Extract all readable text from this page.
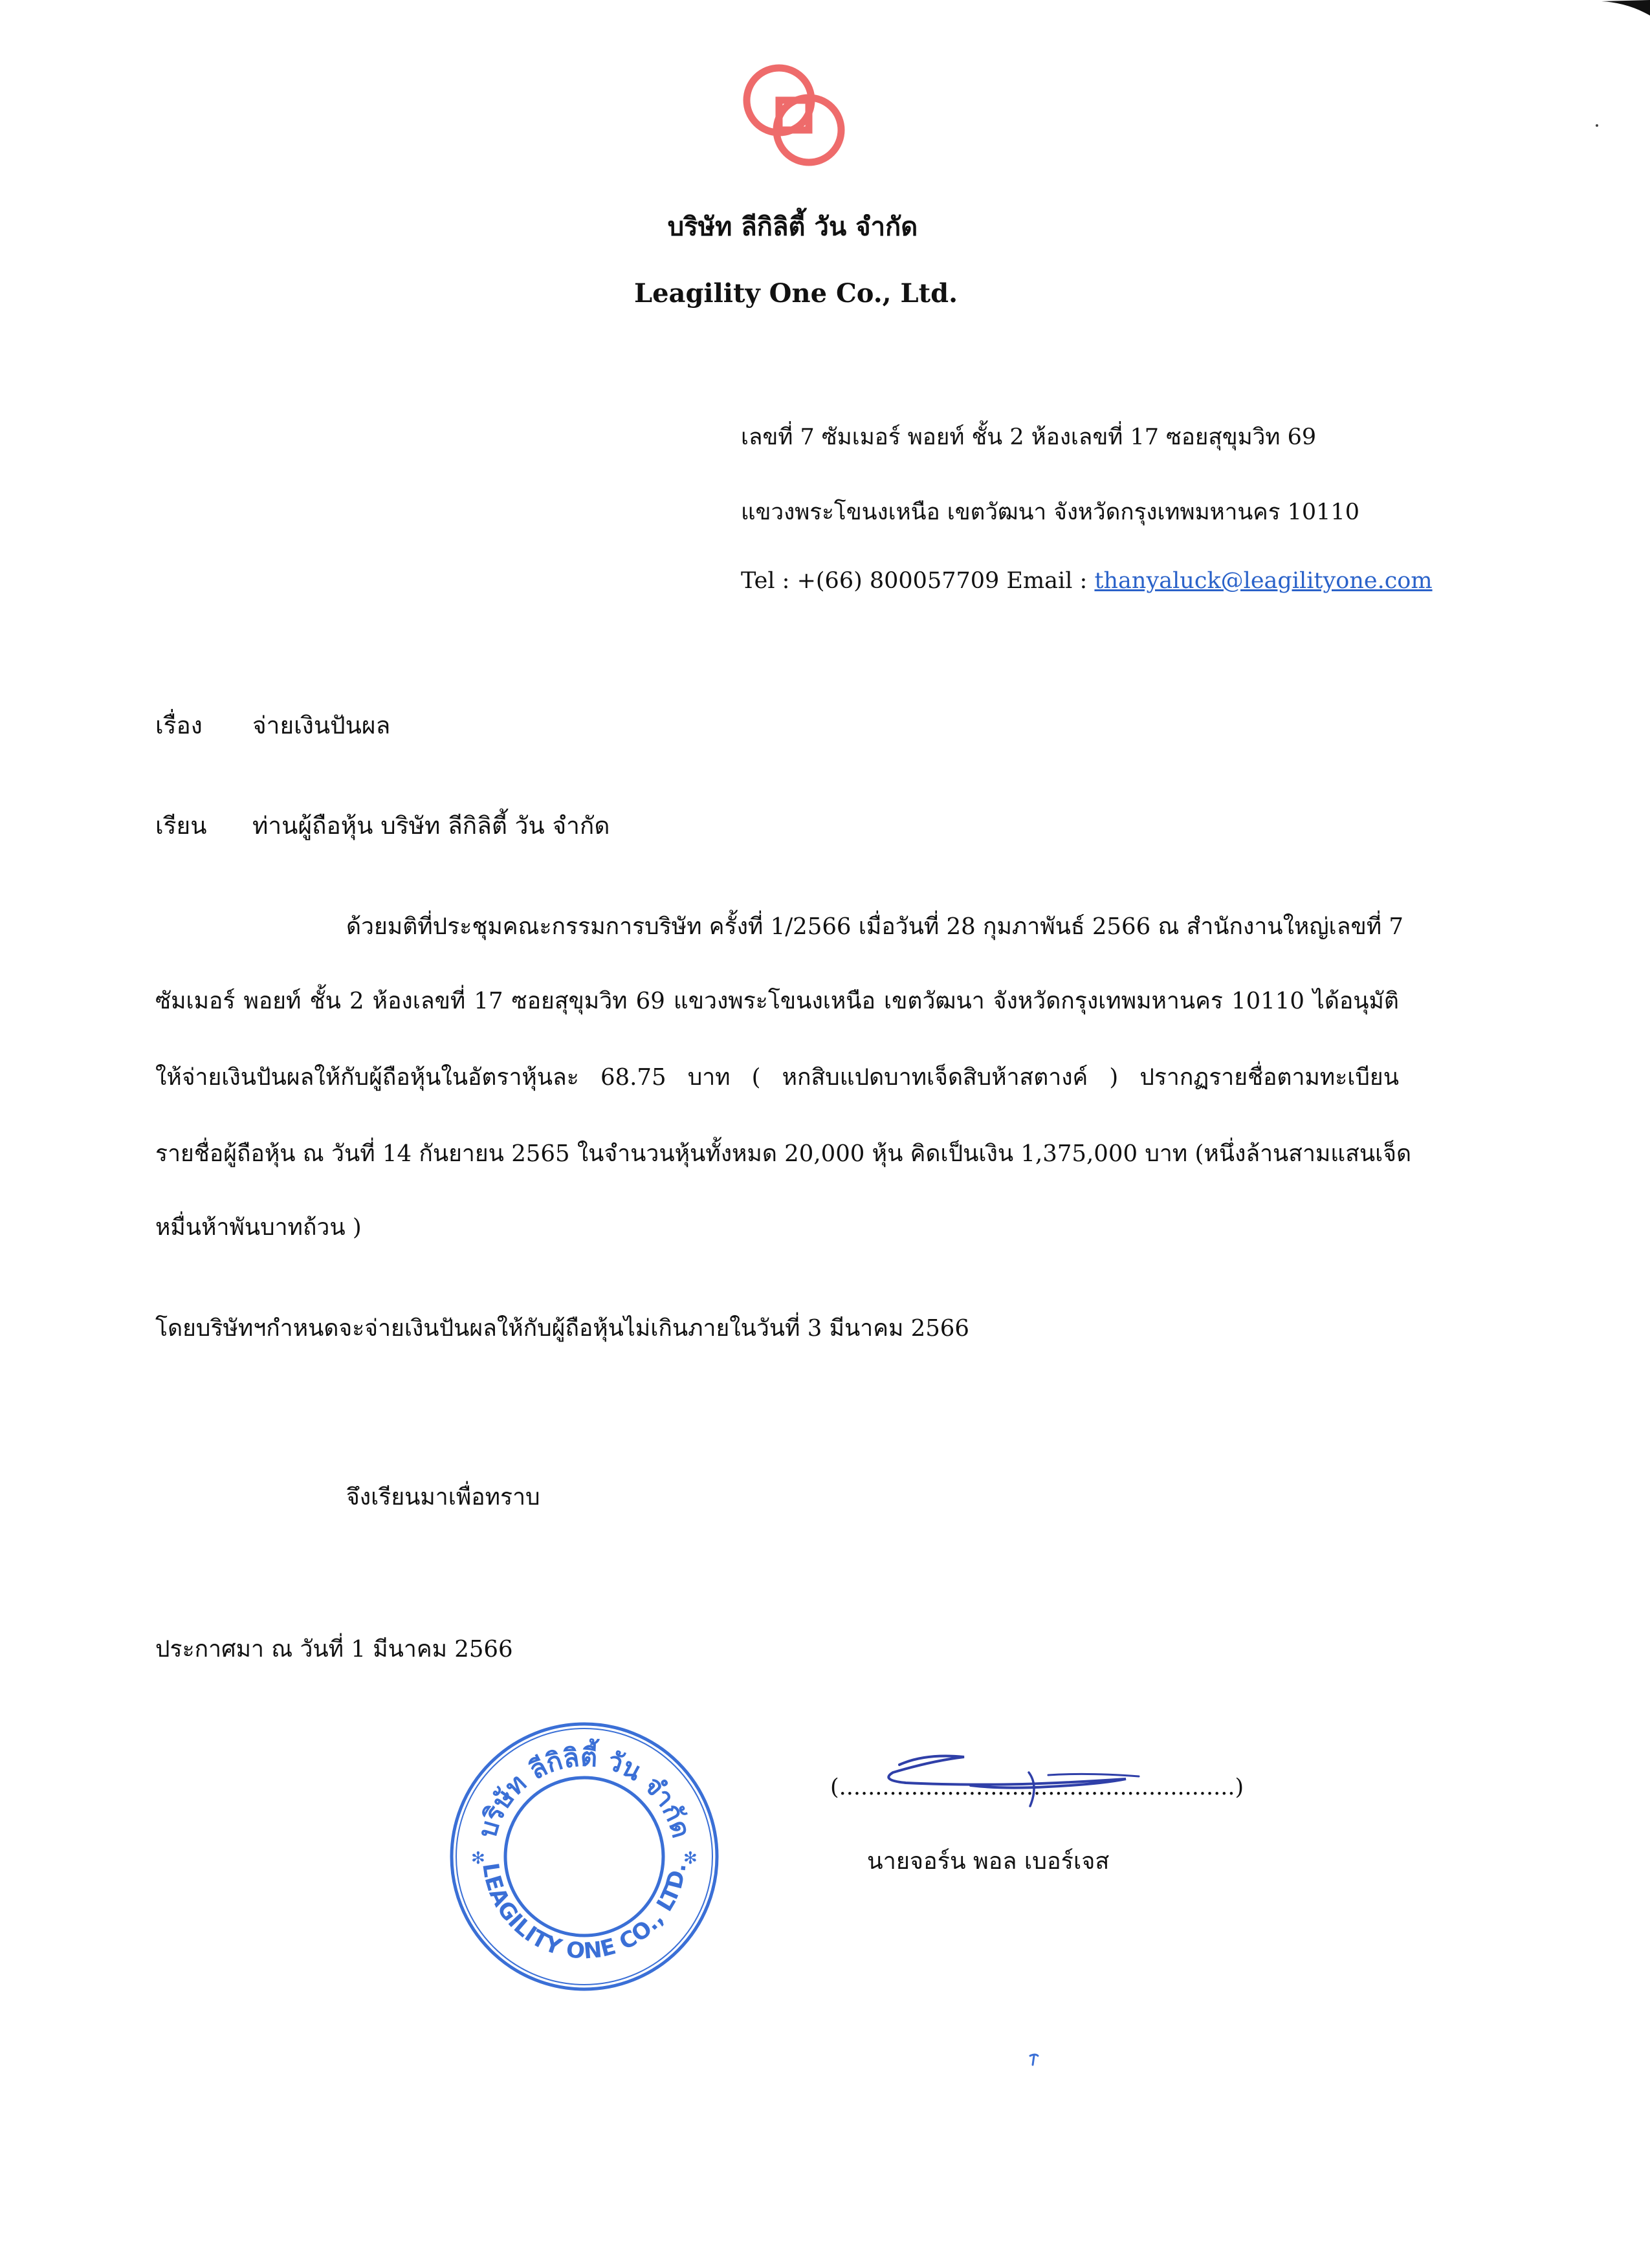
บริษัท ลีกิลิตี้ วัน จำกัด
Leagility One Co., Ltd.
เลขที่ 7 ซัมเมอร์ พอยท์ ชั้น 2 ห้องเลขที่ 17 ซอยสุขุมวิท 69
แขวงพระโขนงเหนือ เขตวัฒนา จังหวัดกรุงเทพมหานคร 10110
Tel : +(66) 800057709 Email : thanyaluck@leagilityone.com
เรื่อง จ่ายเงินปันผล
เรียน ท่านผู้ถือหุ้น บริษัท ลีกิลิตี้ วัน จำกัด
ด้วยมติที่ประชุมคณะกรรมการบริษัท ครั้งที่ 1/2566 เมื่อวันที่ 28 กุมภาพันธ์ 2566 ณ สำนักงานใหญ่เลขที่ 7
ซัมเมอร์ พอยท์ ชั้น 2 ห้องเลขที่ 17 ซอยสุขุมวิท 69 แขวงพระโขนงเหนือ เขตวัฒนา จังหวัดกรุงเทพมหานคร 10110 ได้อนุมัติ
ให้จ่ายเงินปันผลให้กับผู้ถือหุ้นในอัตราหุ้นละ 68.75 บาท ( หกสิบแปดบาทเจ็ดสิบห้าสตางค์ ) ปรากฏรายชื่อตามทะเบียน
รายชื่อผู้ถือหุ้น ณ วันที่ 14 กันยายน 2565 ในจำนวนหุ้นทั้งหมด 20,000 หุ้น คิดเป็นเงิน 1,375,000 บาท (หนึ่งล้านสามแสนเจ็ด
หมื่นห้าพันบาทถ้วน )
โดยบริษัทฯกำหนดจะจ่ายเงินปันผลให้กับผู้ถือหุ้นไม่เกินภายในวันที่ 3 มีนาคม 2566
จึงเรียนมาเพื่อทราบ
ประกาศมา ณ วันที่ 1 มีนาคม 2566
บริษัท ลีกิลิตี้ วัน จำกัด
LEAGILITY ONE CO., LTD.
✻	✻
(.......................................................)
นายจอร์น พอล เบอร์เจส
